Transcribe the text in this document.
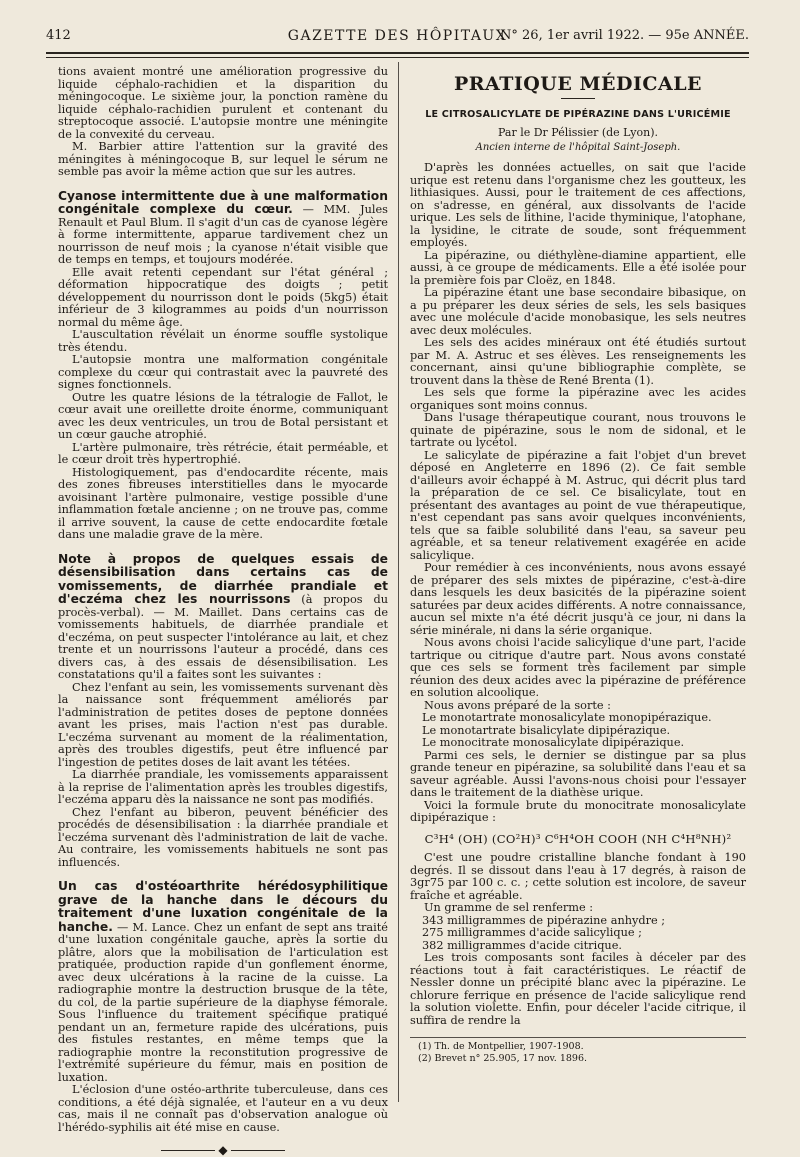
412	GAZETTE DES HÔPITAUX
N° 26, 1er avril 1922. — 95e ANNÉE.

tions avaient montré une amélioration progressive du liquide céphalo-rachidien et la disparition du méningocoque. Le sixième jour, la ponction ramène du liquide céphalo-rachidien purulent et contenant du streptocoque associé. L'autopsie montre une méningite de la convexité du cerveau.

M. Barbier attire l'attention sur la gravité des méningites à méningocoque B, sur lequel le sérum ne semble pas avoir la même action que sur les autres.

Cyanose intermittente due à une malformation congénitale complexe du cœur. — MM. Jules Renault et Paul Blum. Il s'agit d'un cas de cyanose légère à forme intermittente, apparue tardivement chez un nourrisson de neuf mois ; la cyanose n'était visible que de temps en temps, et toujours modérée.

Elle avait retenti cependant sur l'état général ; déformation hippocratique des doigts ; petit développement du nourrisson dont le poids (5kg5) était inférieur de 3 kilogrammes au poids d'un nourrisson normal du même âge.

L'auscultation révélait un énorme souffle systolique très étendu.

L'autopsie montra une malformation congénitale complexe du cœur qui contrastait avec la pauvreté des signes fonctionnels.

Outre les quatre lésions de la tétralogie de Fallot, le cœur avait une oreillette droite énorme, communiquant avec les deux ventricules, un trou de Botal persistant et un cœur gauche atrophié.

L'artère pulmonaire, très rétrécie, était perméable, et le cœur droit très hypertrophié.

Histologiquement, pas d'endocardite récente, mais des zones fibreuses interstitielles dans le myocarde avoisinant l'artère pulmonaire, vestige possible d'une inflammation fœtale ancienne ; on ne trouve pas, comme il arrive souvent, la cause de cette endocardite fœtale dans une maladie grave de la mère.

Note à propos de quelques essais de désensibilisation dans certains cas de vomissements, de diarrhée prandiale et d'eczéma chez les nourrissons (à propos du procès-verbal). — M. Maillet. Dans certains cas de vomissements habituels, de diarrhée prandiale et d'eczéma, on peut suspecter l'intolérance au lait, et chez trente et un nourrissons l'auteur a procédé, dans ces divers cas, à des essais de désensibilisation. Les constatations qu'il a faites sont les suivantes :

Chez l'enfant au sein, les vomissements survenant dès la naissance sont fréquemment améliorés par l'administration de petites doses de peptone données avant les prises, mais l'action n'est pas durable. L'eczéma survenant au moment de la réalimentation, après des troubles digestifs, peut être influencé par l'ingestion de petites doses de lait avant les tétées.

La diarrhée prandiale, les vomissements apparaissent à la reprise de l'alimentation après les troubles digestifs, l'eczéma apparu dès la naissance ne sont pas modifiés.

Chez l'enfant au biberon, peuvent bénéficier des procédés de désensibilisation : la diarrhée prandiale et l'eczéma survenant dès l'administration de lait de vache. Au contraire, les vomissements habituels ne sont pas influencés.

Un cas d'ostéoarthrite hérédosyphilitique grave de la hanche dans le décours du traitement d'une luxation congénitale de la hanche. — M. Lance. Chez un enfant de sept ans traité d'une luxation congénitale gauche, après la sortie du plâtre, alors que la mobilisation de l'articulation est pratiquée, production rapide d'un gonflement énorme, avec deux ulcérations à la racine de la cuisse. La radiographie montre la destruction brusque de la tête, du col, de la partie supérieure de la diaphyse fémorale. Sous l'influence du traitement spécifique pratiqué pendant un an, fermeture rapide des ulcérations, puis des fistules restantes, en même temps que la radiographie montre la reconstitution progressive de l'extrémité supérieure du fémur, mais en position de luxation.

L'éclosion d'une ostéo-arthrite tuberculeuse, dans ces conditions, a été déjà signalée, et l'auteur en a vu deux cas, mais il ne connaît pas d'observation analogue où l'hérédo-syphilis ait été mise en cause.

◆
PRATIQUE MÉDICALE
LE CITROSALICYLATE DE PIPÉRAZINE DANS L'URICÉMIE
Par le Dr Pélissier (de Lyon).
Ancien interne de l'hôpital Saint-Joseph.

D'après les données actuelles, on sait que l'acide urique est retenu dans l'organisme chez les goutteux, les lithiasiques. Aussi, pour le traitement de ces affections, on s'adresse, en général, aux dissolvants de l'acide urique. Les sels de lithine, l'acide thyminique, l'atophane, la lysidine, le citrate de soude, sont fréquemment employés.

La pipérazine, ou diéthylène-diamine appartient, elle aussi, à ce groupe de médicaments. Elle a été isolée pour la première fois par Cloëz, en 1848.

La pipérazine étant une base secondaire bibasique, on a pu préparer les deux séries de sels, les sels basiques avec une molécule d'acide monobasique, les sels neutres avec deux molécules.

Les sels des acides minéraux ont été étudiés surtout par M. A. Astruc et ses élèves. Les renseignements les concernant, ainsi qu'une bibliographie complète, se trouvent dans la thèse de René Brenta (1).

Les sels que forme la pipérazine avec les acides organiques sont moins connus.

Dans l'usage thérapeutique courant, nous trouvons le quinate de pipérazine, sous le nom de sidonal, et le tartrate ou lycétol.

Le salicylate de pipérazine a fait l'objet d'un brevet déposé en Angleterre en 1896 (2). Ce fait semble d'ailleurs avoir échappé à M. Astruc, qui décrit plus tard la préparation de ce sel. Ce bisalicylate, tout en présentant des avantages au point de vue thérapeutique, n'est cependant pas sans avoir quelques inconvénients, tels que sa faible solubilité dans l'eau, sa saveur peu agréable, et sa teneur relativement exagérée en acide salicylique.

Pour remédier à ces inconvénients, nous avons essayé de préparer des sels mixtes de pipérazine, c'est-à-dire dans lesquels les deux basicités de la pipérazine soient saturées par deux acides différents. A notre connaissance, aucun sel mixte n'a été décrit jusqu'à ce jour, ni dans la série minérale, ni dans la série organique.

Nous avons choisi l'acide salicylique d'une part, l'acide tartrique ou citrique d'autre part. Nous avons constaté que ces sels se forment très facilement par simple réunion des deux acides avec la pipérazine de préférence en solution alcoolique.

Nous avons préparé de la sorte :

Le monotartrate monosalicylate monopipérazique.

Le monotartrate bisalicylate dipipérazique.

Le monocitrate monosalicylate dipipérazique.

Parmi ces sels, le dernier se distingue par sa plus grande teneur en pipérazine, sa solubilité dans l'eau et sa saveur agréable. Aussi l'avons-nous choisi pour l'essayer dans le traitement de la diathèse urique.

Voici la formule brute du monocitrate monosalicylate dipipérazique :

C³H⁴ (OH) (CO²H)³ C⁶H⁴OH COOH (NH C⁴H⁸NH)²

C'est une poudre cristalline blanche fondant à 190 degrés. Il se dissout dans l'eau à 17 degrés, à raison de 3gr75 par 100 c. c. ; cette solution est incolore, de saveur fraîche et agréable.

Un gramme de sel renferme :

343 milligrammes de pipérazine anhydre ;

275 milligrammes d'acide salicylique ;

382 milligrammes d'acide citrique.

Les trois composants sont faciles à déceler par des réactions tout à fait caractéristiques. Le réactif de Nessler donne un précipité blanc avec la pipérazine. Le chlorure ferrique en présence de l'acide salicylique rend la solution violette. Enfin, pour déceler l'acide citrique, il suffira de rendre la

(1) Th. de Montpellier, 1907-1908.

(2) Brevet n° 25.905, 17 nov. 1896.
